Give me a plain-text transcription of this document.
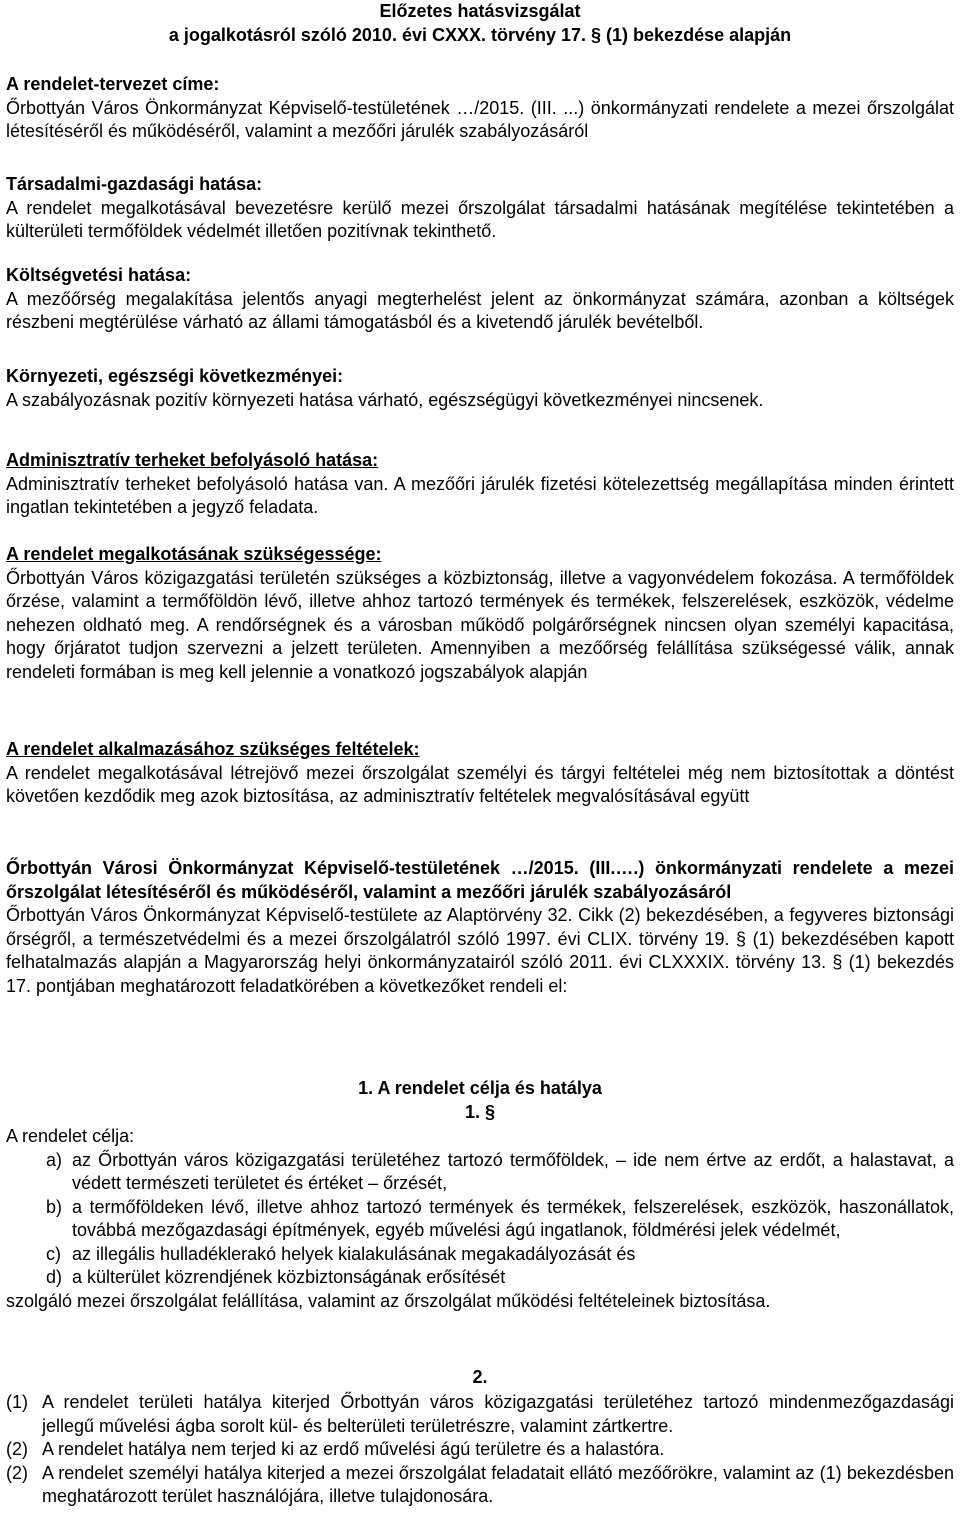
Előzetes hatásvizsgálat

a jogalkotásról szóló 2010. évi CXXX. törvény 17. § (1) bekezdése alapján

A rendelet-tervezet címe:

Őrbottyán Város Önkormányzat Képviselő-testületének …/2015. (III. ...) önkormányzati rendelete a mezei őrszolgálat létesítéséről és működéséről, valamint a mezőőri járulék szabályozásáról

Társadalmi-gazdasági hatása:

A rendelet megalkotásával bevezetésre kerülő mezei őrszolgálat társadalmi hatásának megítélése tekintetében a külterületi termőföldek védelmét illetően pozitívnak tekinthető.

Költségvetési hatása:

A mezőőrség megalakítása jelentős anyagi megterhelést jelent az önkormányzat számára, azonban a költségek részbeni megtérülése várható az állami támogatásból és a kivetendő járulék bevételből.

Környezeti, egészségi következményei:

A szabályozásnak pozitív környezeti hatása várható, egészségügyi következményei nincsenek.

Adminisztratív terheket befolyásoló hatása:

Adminisztratív terheket befolyásoló hatása van. A mezőőri járulék fizetési kötelezettség megállapítása minden érintett ingatlan tekintetében a jegyző feladata.

A rendelet megalkotásának szükségessége:

Őrbottyán Város közigazgatási területén szükséges a közbiztonság, illetve a vagyonvédelem fokozása. A termőföldek őrzése, valamint a termőföldön lévő, illetve ahhoz tartozó termények és termékek, felszerelések, eszközök, védelme nehezen oldható meg. A rendőrségnek és a városban működő polgárőrségnek nincsen olyan személyi kapacitása, hogy őrjáratot tudjon szervezni a jelzett területen. Amennyiben a mezőőrség felállítása szükségessé válik, annak rendeleti formában is meg kell jelennie a vonatkozó jogszabályok alapján

A rendelet alkalmazásához szükséges feltételek:

A rendelet megalkotásával létrejövő mezei őrszolgálat személyi és tárgyi feltételei még nem biztosítottak a döntést követően kezdődik meg azok biztosítása, az adminisztratív feltételek megvalósításával együtt

Őrbottyán Városi Önkormányzat Képviselő-testületének …/2015. (III.….) önkormányzati rendelete a mezei őrszolgálat létesítéséről és működéséről, valamint a mezőőri járulék szabályozásáról

Őrbottyán Város Önkormányzat Képviselő-testülete az Alaptörvény 32. Cikk (2) bekezdésében, a fegyveres biztonsági őrségről, a természetvédelmi és a mezei őrszolgálatról szóló 1997. évi CLIX. törvény 19. § (1) bekezdésében kapott felhatalmazás alapján a Magyarország helyi önkormányzatairól szóló 2011. évi CLXXXIX. törvény 13. § (1) bekezdés 17. pontjában meghatározott feladatkörében a következőket rendeli el:

1. A rendelet célja és hatálya

1. §

A rendelet célja:

a) az Őrbottyán város közigazgatási területéhez tartozó termőföldek, – ide nem értve az erdőt, a halastavat, a védett természeti területet és értéket – őrzését,
b) a termőföldeken lévő, illetve ahhoz tartozó termények és termékek, felszerelések, eszközök, haszonállatok, továbbá mezőgazdasági építmények, egyéb művelési ágú ingatlanok, földmérési jelek védelmét,
c) az illegális hulladéklerakó helyek kialakulásának megakadályozását és
d) a külterület közrendjének közbiztonságának erősítését

szolgáló mezei őrszolgálat felállítása, valamint az őrszolgálat működési feltételeinek biztosítása.

2.

(1) A rendelet területi hatálya kiterjed Őrbottyán város közigazgatási területéhez tartozó mindenmezőgazdasági jellegű művelési ágba sorolt kül- és belterületi területrészre, valamint zártkertre.
(2) A rendelet hatálya nem terjed ki az erdő művelési ágú területre és a halastóra.
(2) A rendelet személyi hatálya kiterjed a mezei őrszolgálat feladatait ellátó mezőőrökre, valamint az (1) bekezdésben meghatározott terület használójára, illetve tulajdonosára.
